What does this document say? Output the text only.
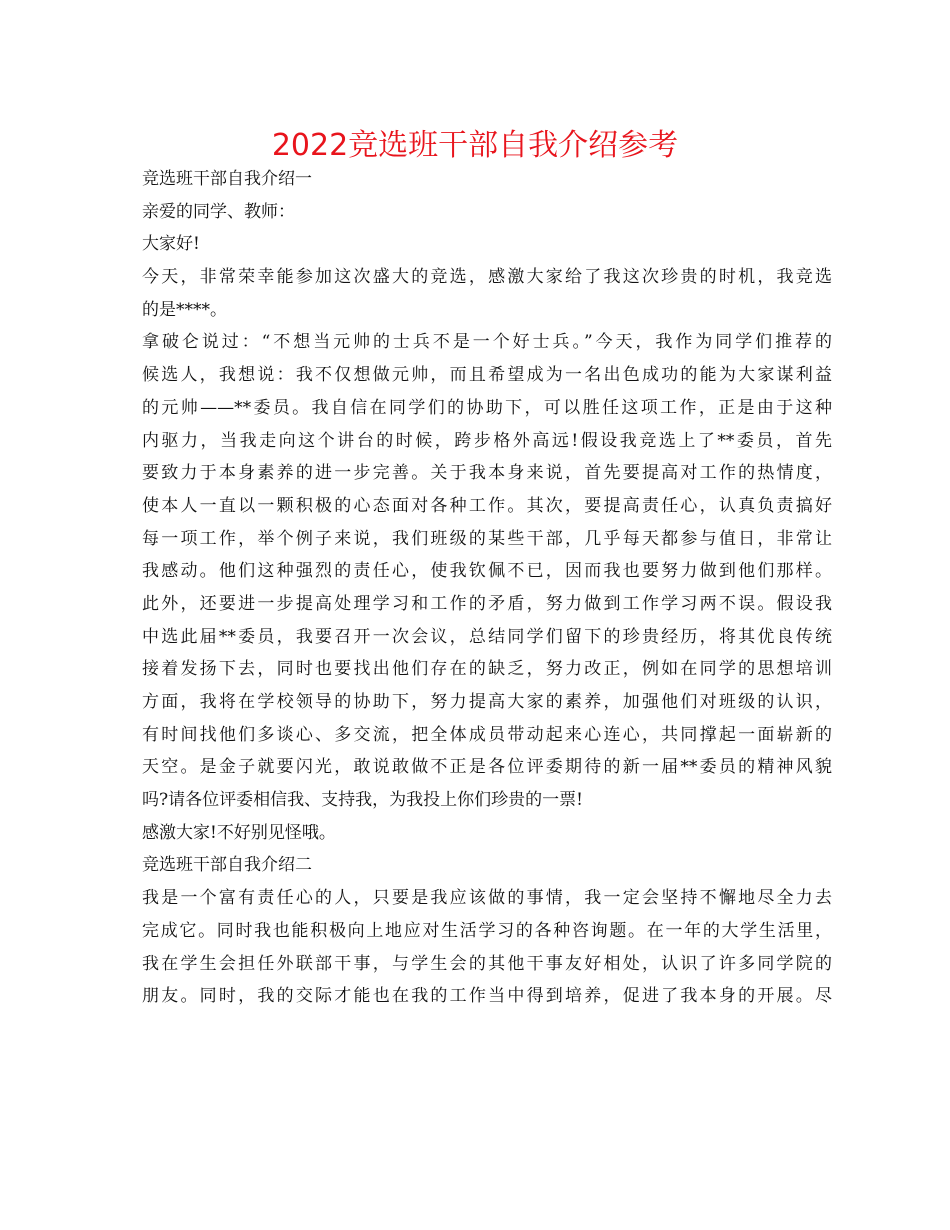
2022竞选班干部自我介绍参考
竞选班干部自我介绍一
亲爱的同学、教师：
大家好!
今天，非常荣幸能参加这次盛大的竞选，感激大家给了我这次珍贵的时机，我竞选
的是****。
拿破仑说过：“不想当元帅的士兵不是一个好士兵。”今天，我作为同学们推荐的
候选人，我想说：我不仅想做元帅，而且希望成为一名出色成功的能为大家谋利益
的元帅——**委员。我自信在同学们的协助下，可以胜任这项工作，正是由于这种
内驱力，当我走向这个讲台的时候，跨步格外高远!假设我竞选上了**委员，首先
要致力于本身素养的进一步完善。关于我本身来说，首先要提高对工作的热情度，
使本人一直以一颗积极的心态面对各种工作。其次，要提高责任心，认真负责搞好
每一项工作，举个例子来说，我们班级的某些干部，几乎每天都参与值日，非常让
我感动。他们这种强烈的责任心，使我钦佩不已，因而我也要努力做到他们那样。
此外，还要进一步提高处理学习和工作的矛盾，努力做到工作学习两不误。假设我
中选此届**委员，我要召开一次会议，总结同学们留下的珍贵经历，将其优良传统
接着发扬下去，同时也要找出他们存在的缺乏，努力改正，例如在同学的思想培训
方面，我将在学校领导的协助下，努力提高大家的素养，加强他们对班级的认识，
有时间找他们多谈心、多交流，把全体成员带动起来心连心，共同撑起一面崭新的
天空。是金子就要闪光，敢说敢做不正是各位评委期待的新一届**委员的精神风貌
吗?请各位评委相信我、支持我，为我投上你们珍贵的一票!
感激大家!不好别见怪哦。
竞选班干部自我介绍二
我是一个富有责任心的人，只要是我应该做的事情，我一定会坚持不懈地尽全力去
完成它。同时我也能积极向上地应对生活学习的各种咨询题。在一年的大学生活里，
我在学生会担任外联部干事，与学生会的其他干事友好相处，认识了许多同学院的
朋友。同时，我的交际才能也在我的工作当中得到培养，促进了我本身的开展。尽
